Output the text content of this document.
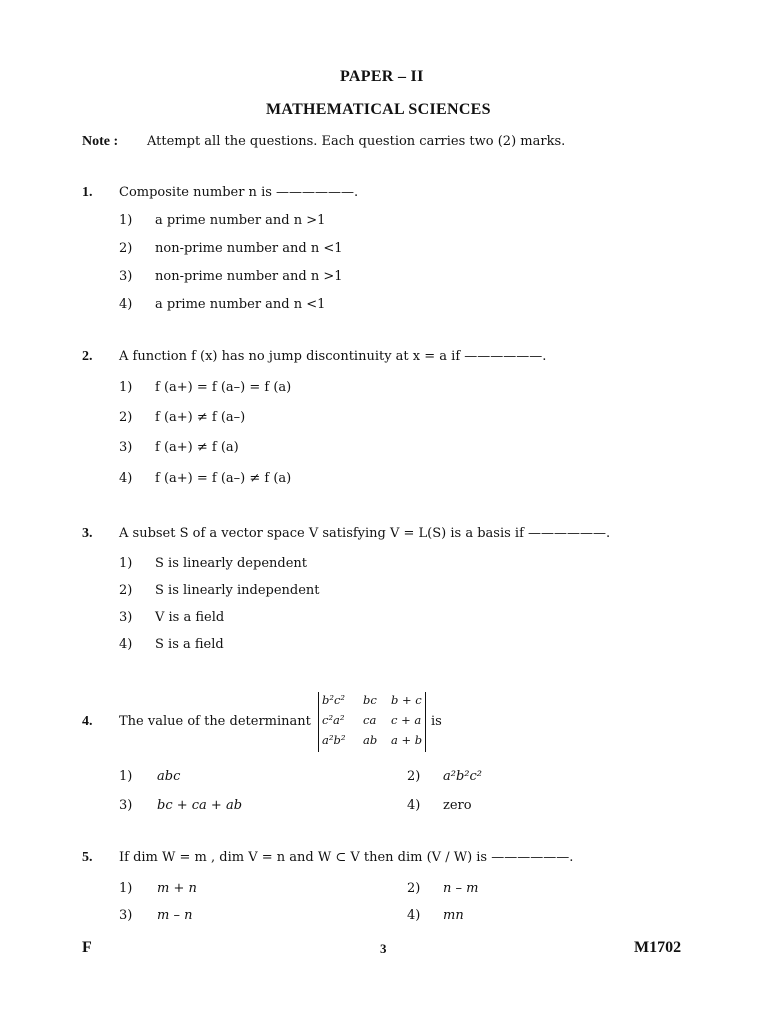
PAPER – II
MATHEMATICAL SCIENCES
Note : Attempt all the questions. Each question carries two (2) marks.
1. Composite number n is ——————.
1) a prime number and n >1
2) non-prime number and n <1
3) non-prime number and n >1
4) a prime number and n <1
2. A function f (x) has no jump discontinuity at x = a if ——————.
1) f (a+) = f (a–) = f (a)
2) f (a+) ≠ f (a–)
3) f (a+) ≠ f (a)
4) f (a+) = f (a–) ≠ f (a)
3. A subset S of a vector space V satisfying V = L(S) is a basis if ——————.
1) S is linearly dependent
2) S is linearly independent
3) V is a field
4) S is a field
4. The value of the determinant
b²c² bc b + c
c²a² ca c + a
a²b² ab a + b
is
1) abc	2) a²b²c²
3) bc + ca + ab	4) zero
5. If dim W = m , dim V = n and W ⊂ V then dim (V / W) is ——————.
1) m + n	2) n – m
3) m – n	4) mn
F	3	M1702
